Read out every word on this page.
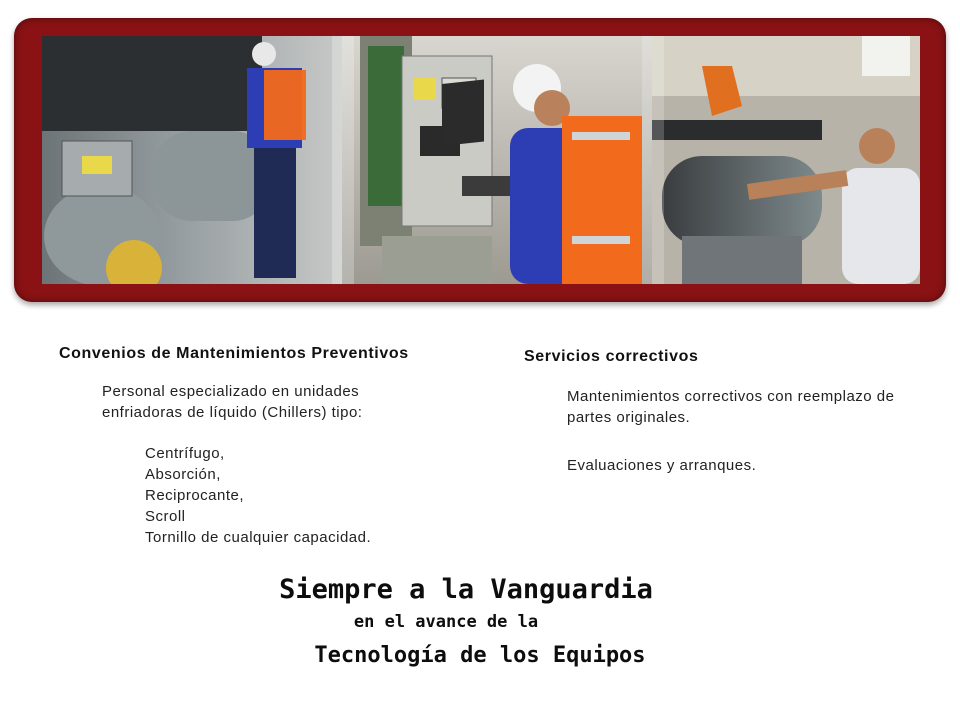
Convenios de Mantenimientos Preventivos
Personal especializado en unidades
enfriadoras de líquido (Chillers) tipo:
Centrífugo,
Absorción,
Reciprocante,
Scroll
Tornillo de cualquier capacidad.
Servicios correctivos
Mantenimientos correctivos con reemplazo de
partes originales.
Evaluaciones y arranques.
Siempre a la Vanguardia
en el avance de la
Tecnología de los Equipos
